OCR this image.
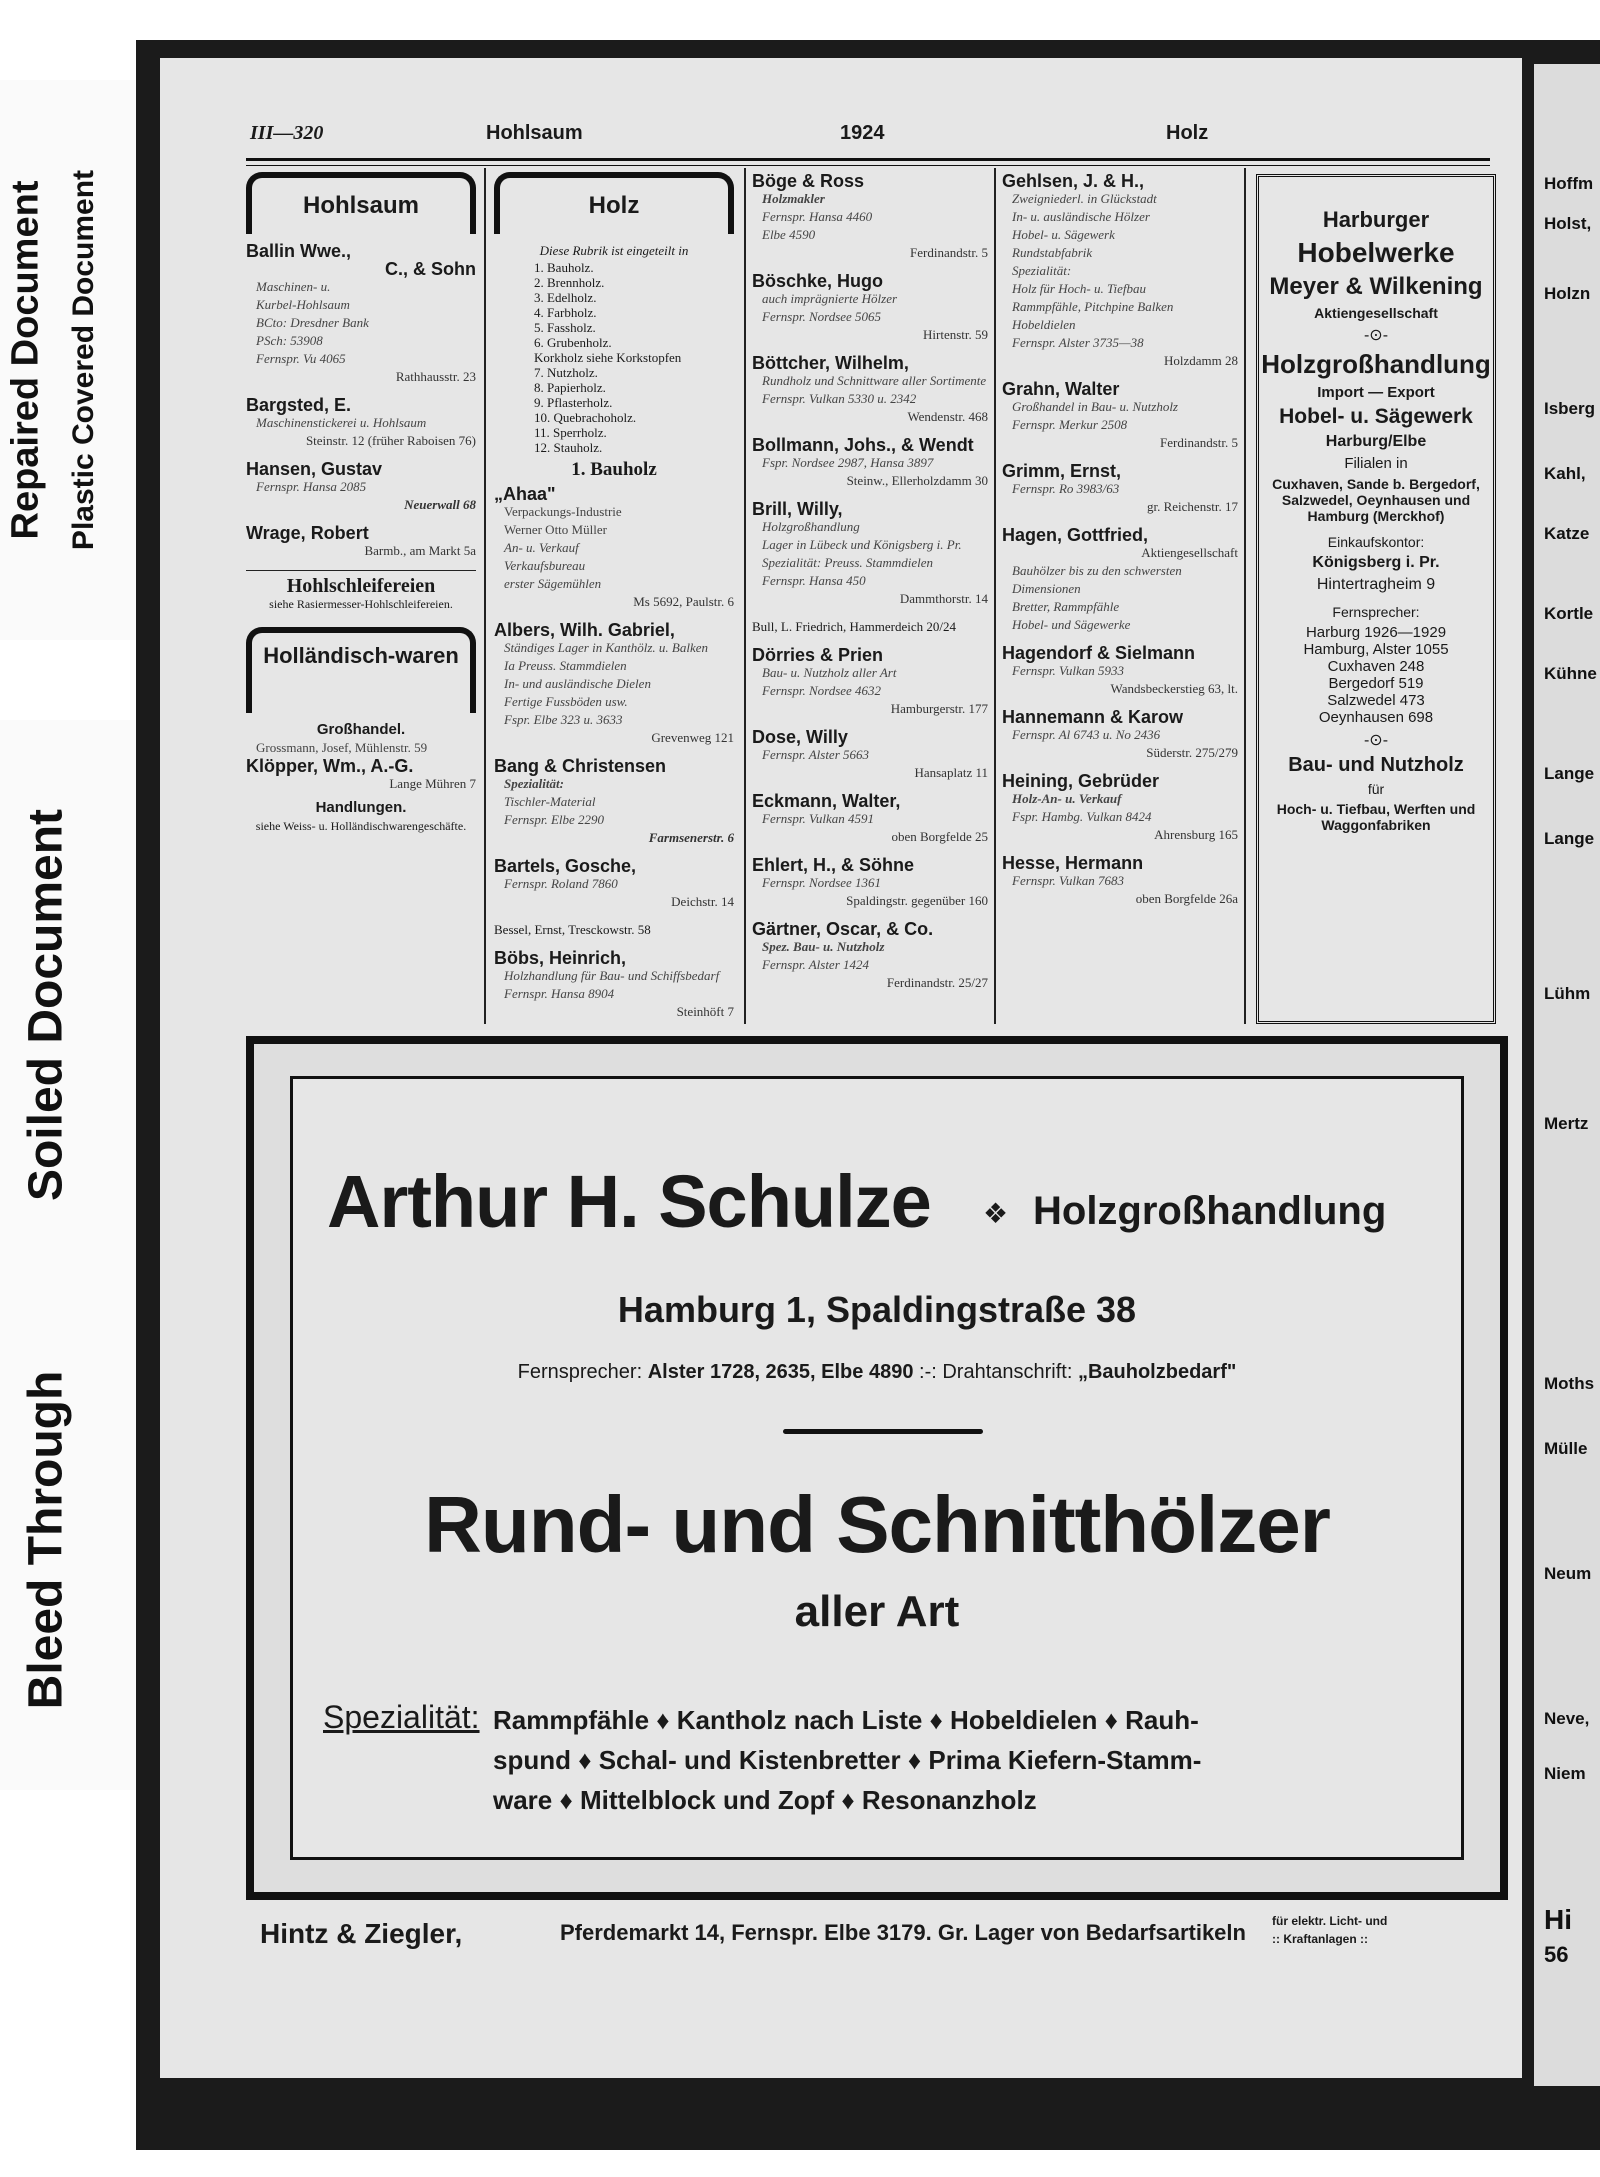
Repaired Document Plastic Covered Document
Soiled Document
Bleed Through
Hoffm
Holst,
Holzn
Isberg
Kahl,
Katze
Kortle
Kühne
Lange
Lange
Lühm
Mertz
Moths
Mülle
Neum
Neve,
Niem
Hi
56
III—320	Hohlsaum	1924	Holz
Hohlsaum
Ballin Wwe.,
C., & Sohn
Maschinen- u.
Kurbel-Hohlsaum
BCto: Dresdner Bank
PSch: 53908
Fernspr. Vu 4065
Rathhausstr. 23
Bargsted, E.
Maschinenstickerei u. Hohlsaum
Steinstr. 12 (früher Raboisen 76)
Hansen, Gustav
Fernspr. Hansa 2085
Neuerwall 68
Wrage, Robert
Barmb., am Markt 5a
Hohlschleifereien
siehe Rasiermesser-Hohlschleifereien.
Holländisch-waren
Großhandel.
Grossmann, Josef, Mühlenstr. 59
Klöpper, Wm., A.-G.
Lange Mühren 7
Handlungen.
siehe Weiss- u. Holländischwarengeschäfte.
Holz
Diese Rubrik ist eingeteilt in
1. Bauholz.
2. Brennholz.
3. Edelholz.
4. Farbholz.
5. Fassholz.
6. Grubenholz.
Korkholz siehe Korkstopfen
7. Nutzholz.
8. Papierholz.
9. Pflasterholz.
10. Quebrachoholz.
11. Sperrholz.
12. Stauholz.
1. Bauholz
„Ahaa"
Verpackungs-Industrie
Werner Otto Müller
An- u. Verkauf
Verkaufsbureau
erster Sägemühlen
Ms 5692, Paulstr. 6
Albers, Wilh. Gabriel,
Ständiges Lager in Kanthölz. u. Balken
Ia Preuss. Stammdielen
In- und ausländische Dielen
Fertige Fussböden usw.
Fspr. Elbe 323 u. 3633
Grevenweg 121
Bang & Christensen
Spezialität:
Tischler-Material
Fernspr. Elbe 2290
Farmsenerstr. 6
Bartels, Gosche,
Fernspr. Roland 7860
Deichstr. 14
Bessel, Ernst, Tresckowstr. 58
Böbs, Heinrich,
Holzhandlung für Bau- und Schiffsbedarf
Fernspr. Hansa 8904
Steinhöft 7
Böge & Ross
Holzmakler
Fernspr. Hansa 4460
Elbe 4590
Ferdinandstr. 5
Böschke, Hugo
auch imprägnierte Hölzer
Fernspr. Nordsee 5065
Hirtenstr. 59
Böttcher, Wilhelm,
Rundholz und Schnittware aller Sortimente
Fernspr. Vulkan 5330 u. 2342
Wendenstr. 468
Bollmann, Johs., & Wendt
Fspr. Nordsee 2987, Hansa 3897
Steinw., Ellerholzdamm 30
Brill, Willy,
Holzgroßhandlung
Lager in Lübeck und Königsberg i. Pr.
Spezialität: Preuss. Stammdielen
Fernspr. Hansa 450
Dammthorstr. 14
Bull, L. Friedrich, Hammerdeich 20/24
Dörries & Prien
Bau- u. Nutzholz aller Art
Fernspr. Nordsee 4632
Hamburgerstr. 177
Dose, Willy
Fernspr. Alster 5663
Hansaplatz 11
Eckmann, Walter,
Fernspr. Vulkan 4591
oben Borgfelde 25
Ehlert, H., & Söhne
Fernspr. Nordsee 1361
Spaldingstr. gegenüber 160
Gärtner, Oscar, & Co.
Spez. Bau- u. Nutzholz
Fernspr. Alster 1424
Ferdinandstr. 25/27
Gehlsen, J. & H.,
Zweigniederl. in Glückstadt
In- u. ausländische Hölzer
Hobel- u. Sägewerk
Rundstabfabrik
Spezialität:
Holz für Hoch- u. Tiefbau
Rammpfähle, Pitchpine Balken
Hobeldielen
Fernspr. Alster 3735—38
Holzdamm 28
Grahn, Walter
Großhandel in Bau- u. Nutzholz
Fernspr. Merkur 2508
Ferdinandstr. 5
Grimm, Ernst,
Fernspr. Ro 3983/63
gr. Reichenstr. 17
Hagen, Gottfried,
Aktiengesellschaft
Bauhölzer bis zu den schwersten Dimensionen
Bretter, Rammpfähle
Hobel- und Sägewerke
Hagendorf & Sielmann
Fernspr. Vulkan 5933
Wandsbeckerstieg 63, lt.
Hannemann & Karow
Fernspr. Al 6743 u. No 2436
Süderstr. 275/279
Heining, Gebrüder
Holz-An- u. Verkauf
Fspr. Hambg. Vulkan 8424
Ahrensburg 165
Hesse, Hermann
Fernspr. Vulkan 7683
oben Borgfelde 26a
Harburger
Hobelwerke
Meyer & Wilkening
Aktiengesellschaft
-⊙-
Holzgroßhandlung
Import — Export
Hobel- u. Sägewerk
Harburg/Elbe
Filialen in
Cuxhaven, Sande b. Bergedorf, Salzwedel, Oeynhausen und Hamburg (Merckhof)
Einkaufskontor:
Königsberg i. Pr.
Hintertragheim 9
Fernsprecher:
Harburg 1926—1929
Hamburg, Alster 1055
Cuxhaven 248
Bergedorf 519
Salzwedel 473
Oeynhausen 698
-⊙-
Bau- und Nutzholz
für
Hoch- u. Tiefbau, Werften und Waggonfabriken
Arthur H. Schulze ❖ Holzgroßhandlung
Hamburg 1, Spaldingstraße 38
Fernsprecher: Alster 1728, 2635, Elbe 4890 :-: Drahtanschrift: „Bauholzbedarf"
Rund- und Schnitthölzer
aller Art
Spezialität: Rammpfähle ♦ Kantholz nach Liste ♦ Hobeldielen ♦ Rauh-
spund ♦ Schal- und Kistenbretter ♦ Prima Kiefern-Stamm-
ware ♦ Mittelblock und Zopf ♦ Resonanzholz
Hintz & Ziegler,	Pferdemarkt 14, Fernspr. Elbe 3179. Gr. Lager von Bedarfsartikeln für elektr. Licht- und
:: Kraftanlagen ::
